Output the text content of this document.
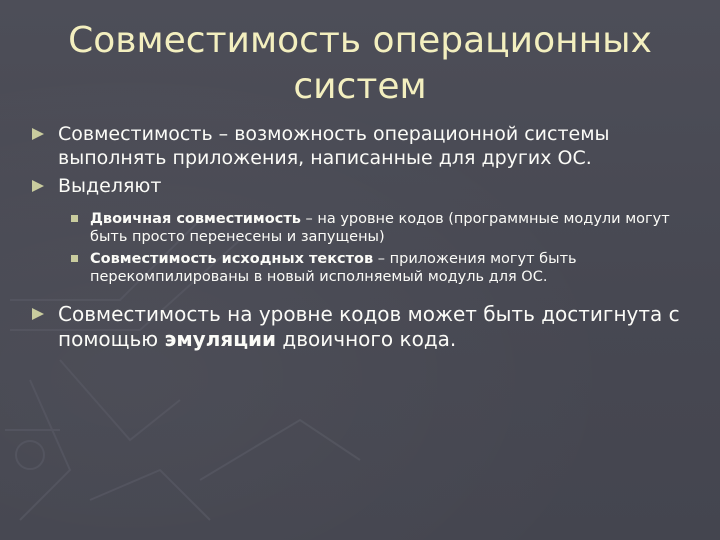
Совместимость операционных
систем
Совместимость – возможность операционной системы выполнять приложения, написанные для других ОС.
Выделяют
Двоичная совместимость – на уровне кодов (программные модули могут быть просто перенесены и запущены)
Совместимость исходных текстов – приложения могут быть перекомпилированы в новый исполняемый модуль для ОС.
Совместимость на уровне кодов может быть достигнута с помощью эмуляции двоичного кода.
